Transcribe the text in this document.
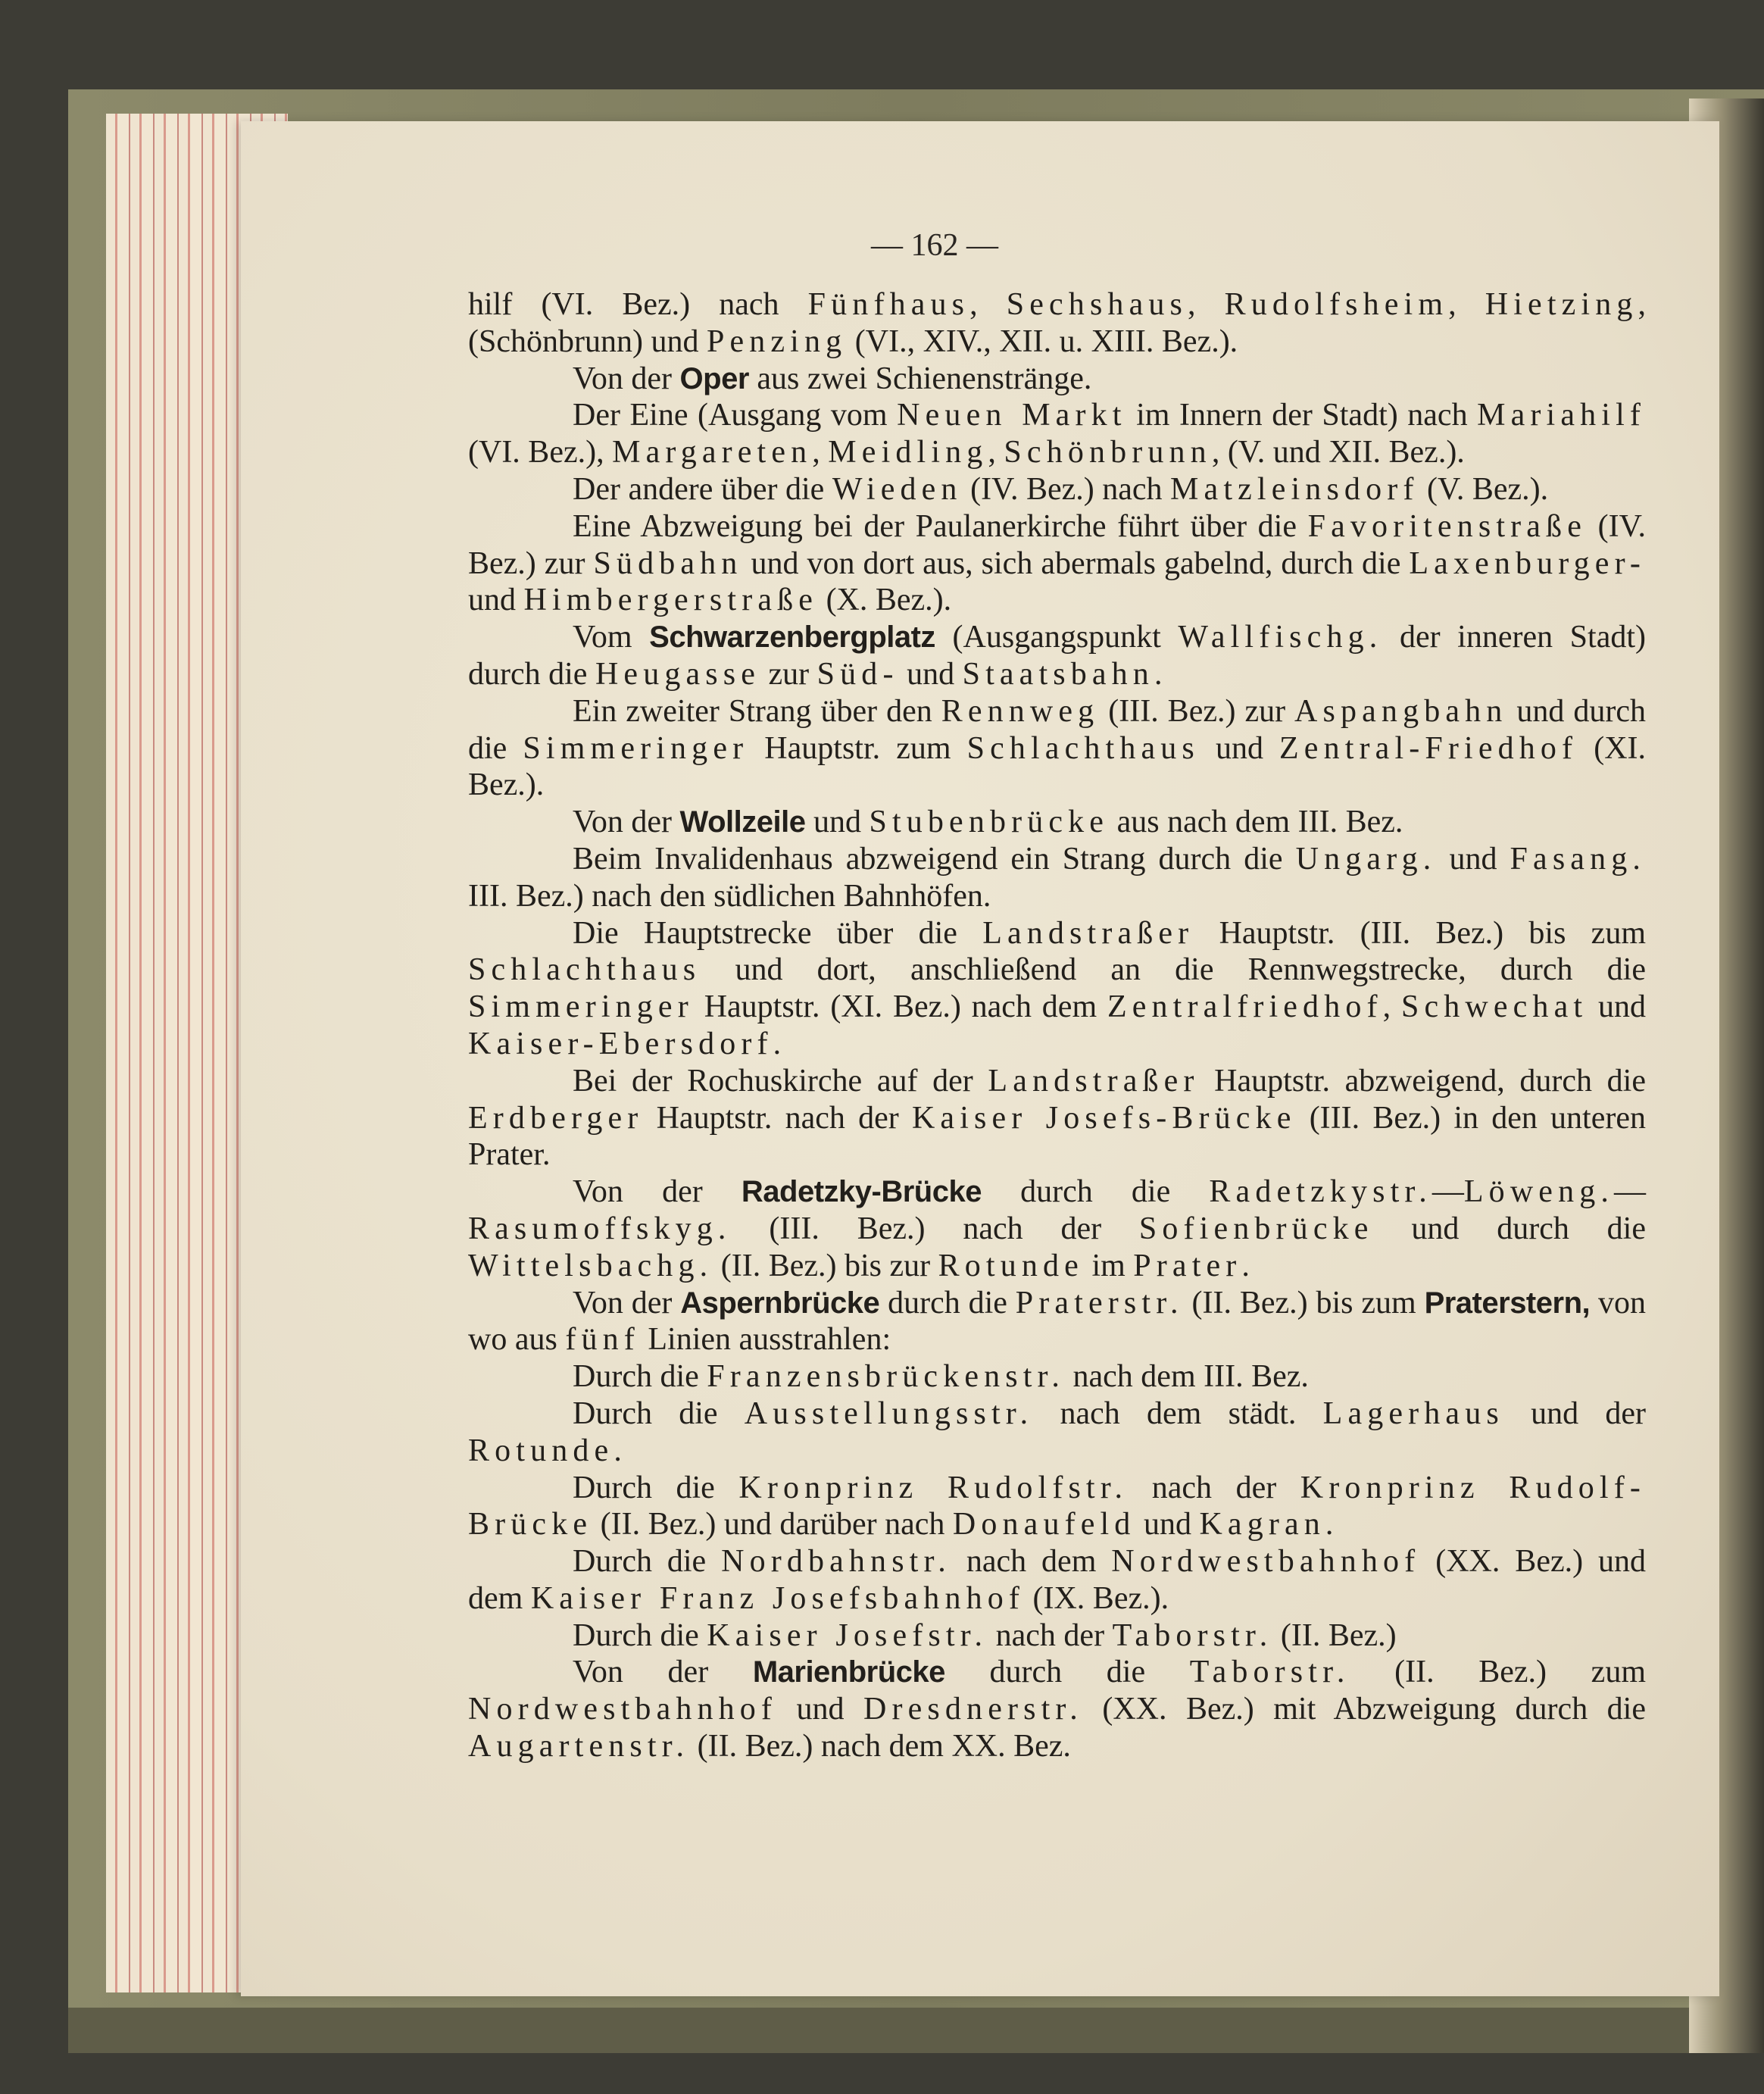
— 162 —

hilf (VI. Bez.) nach Fünfhaus, Sechshaus, Rudolfsheim, Hietzing, (Schönbrunn) und Penzing (VI., XIV., XII. u. XIII. Bez.).

Von der Oper aus zwei Schienenstränge.

Der Eine (Ausgang vom Neuen Markt im Innern der Stadt) nach Mariahilf (VI. Bez.), Margareten, Meidling, Schönbrunn, (V. und XII. Bez.).

Der andere über die Wieden (IV. Bez.) nach Matzleinsdorf (V. Bez.).

Eine Abzweigung bei der Paulanerkirche führt über die Favoritenstraße (IV. Bez.) zur Südbahn und von dort aus, sich abermals gabelnd, durch die Laxenburger- und Himbergerstraße (X. Bez.).

Vom Schwarzenbergplatz (Ausgangspunkt Wallfischg. der inneren Stadt) durch die Heugasse zur Süd- und Staatsbahn.

Ein zweiter Strang über den Rennweg (III. Bez.) zur Aspangbahn und durch die Simmeringer Hauptstr. zum Schlachthaus und Zentral-Friedhof (XI. Bez.).

Von der Wollzeile und Stubenbrücke aus nach dem III. Bez.

Beim Invalidenhaus abzweigend ein Strang durch die Ungarg. und Fasang. III. Bez.) nach den südlichen Bahnhöfen.

Die Hauptstrecke über die Landstraßer Hauptstr. (III. Bez.) bis zum Schlachthaus und dort, anschließend an die Rennwegstrecke, durch die Simmeringer Hauptstr. (XI. Bez.) nach dem Zentralfriedhof, Schwechat und Kaiser-Ebersdorf.

Bei der Rochuskirche auf der Landstraßer Hauptstr. abzweigend, durch die Erdberger Hauptstr. nach der Kaiser Josefs-Brücke (III. Bez.) in den unteren Prater.

Von der Radetzky-Brücke durch die Radetzkystr.—Löweng.— Rasumoffskyg. (III. Bez.) nach der Sofienbrücke und durch die Wittelsbachg. (II. Bez.) bis zur Rotunde im Prater.

Von der Aspernbrücke durch die Praterstr. (II. Bez.) bis zum Praterstern, von wo aus fünf Linien ausstrahlen:

Durch die Franzensbrückenstr. nach dem III. Bez.

Durch die Ausstellungsstr. nach dem städt. Lagerhaus und der Rotunde.

Durch die Kronprinz Rudolfstr. nach der Kronprinz Rudolf-Brücke (II. Bez.) und darüber nach Donaufeld und Kagran.

Durch die Nordbahnstr. nach dem Nordwestbahnhof (XX. Bez.) und dem Kaiser Franz Josefsbahnhof (IX. Bez.).

Durch die Kaiser Josefstr. nach der Taborstr. (II. Bez.)

Von der Marienbrücke durch die Taborstr. (II. Bez.) zum Nordwestbahnhof und Dresdnerstr. (XX. Bez.) mit Abzweigung durch die Augartenstr. (II. Bez.) nach dem XX. Bez.
